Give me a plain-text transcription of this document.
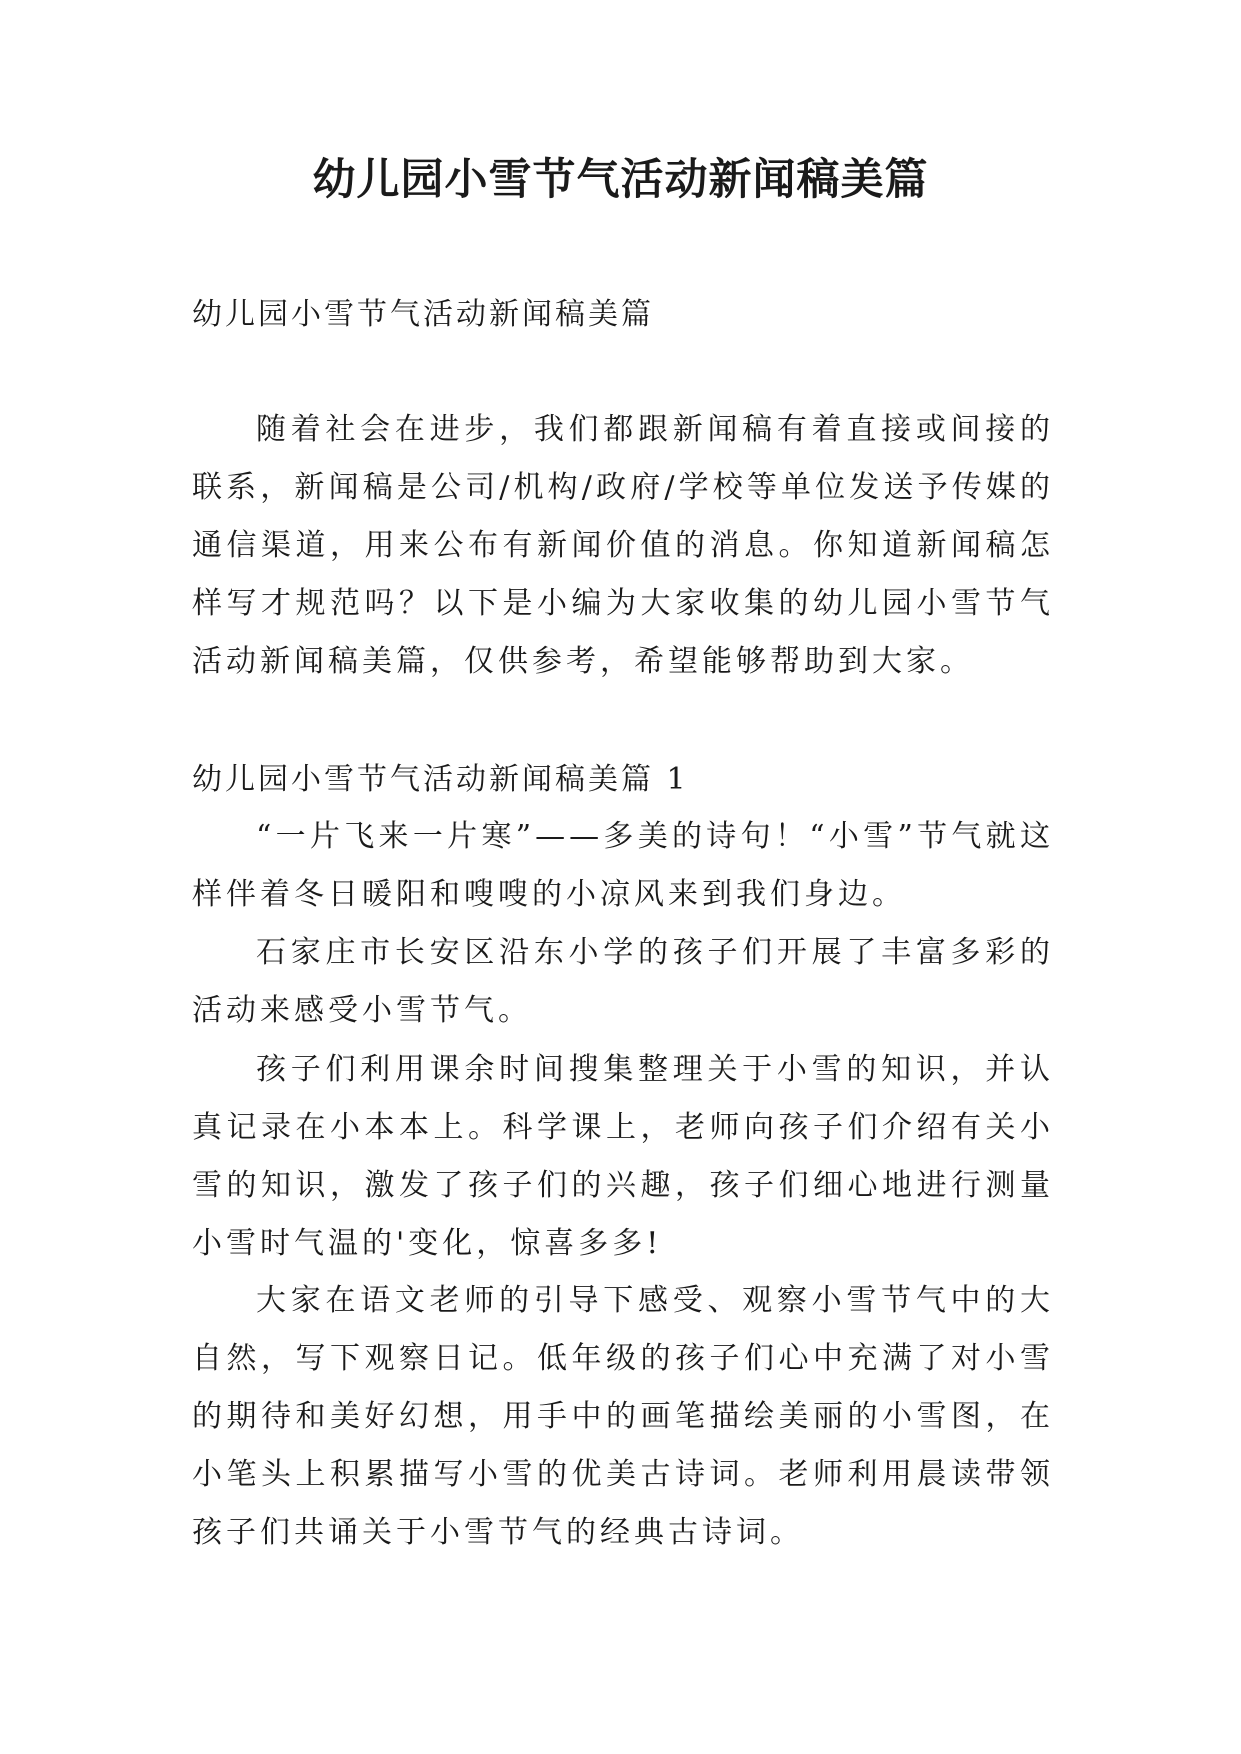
幼儿园小雪节气活动新闻稿美篇

幼儿园小雪节气活动新闻稿美篇

随着社会在进步，我们都跟新闻稿有着直接或间接的联系，新闻稿是公司/机构/政府/学校等单位发送予传媒的通信渠道，用来公布有新闻价值的消息。你知道新闻稿怎样写才规范吗？以下是小编为大家收集的幼儿园小雪节气活动新闻稿美篇，仅供参考，希望能够帮助到大家。

幼儿园小雪节气活动新闻稿美篇 1

“一片飞来一片寒”——多美的诗句！“小雪”节气就这样伴着冬日暖阳和嗖嗖的小凉风来到我们身边。

石家庄市长安区沿东小学的孩子们开展了丰富多彩的活动来感受小雪节气。

孩子们利用课余时间搜集整理关于小雪的知识，并认真记录在小本本上。科学课上，老师向孩子们介绍有关小雪的知识，激发了孩子们的兴趣，孩子们细心地进行测量小雪时气温的'变化，惊喜多多!

大家在语文老师的引导下感受、观察小雪节气中的大自然，写下观察日记。低年级的孩子们心中充满了对小雪的期待和美好幻想，用手中的画笔描绘美丽的小雪图，在小笔头上积累描写小雪的优美古诗词。老师利用晨读带领孩子们共诵关于小雪节气的经典古诗词。
